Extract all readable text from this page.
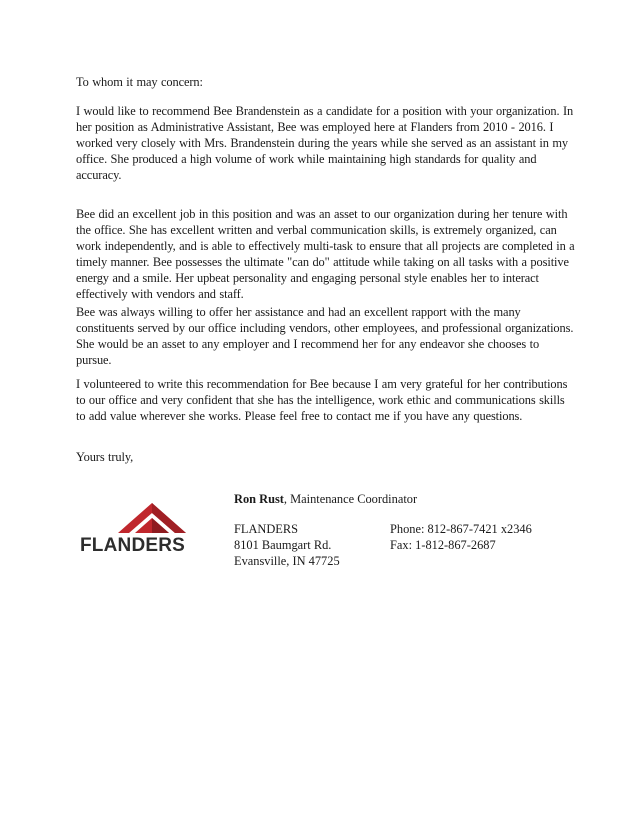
To whom it may concern:

I would like to recommend Bee Brandenstein as a candidate for a position with your organization. In her position as Administrative Assistant, Bee was employed here at Flanders from 2010 - 2016. I worked very closely with Mrs. Brandenstein during the years while she served as an assistant in my office. She produced a high volume of work while maintaining high standards for quality and accuracy.

Bee did an excellent job in this position and was an asset to our organization during her tenure with the office. She has excellent written and verbal communication skills, is extremely organized, can work independently, and is able to effectively multi-task to ensure that all projects are completed in a timely manner. Bee possesses the ultimate "can do" attitude while taking on all tasks with a positive energy and a smile. Her upbeat personality and engaging personal style enables her to interact effectively with vendors and staff.

Bee was always willing to offer her assistance and had an excellent rapport with the many constituents served by our office including vendors, other employees, and professional organizations. She would be an asset to any employer and I recommend her for any endeavor she chooses to pursue.

I volunteered to write this recommendation for Bee because I am very grateful for her contributions to our office and very confident that she has the intelligence, work ethic and communications skills to add value wherever she works. Please feel free to contact me if you have any questions.

Yours truly,

FLANDERS
Ron Rust, Maintenance Coordinator
FLANDERS
8101 Baumgart Rd.
Evansville, IN 47725
Phone: 812-867-7421 x2346
Fax: 1-812-867-2687
